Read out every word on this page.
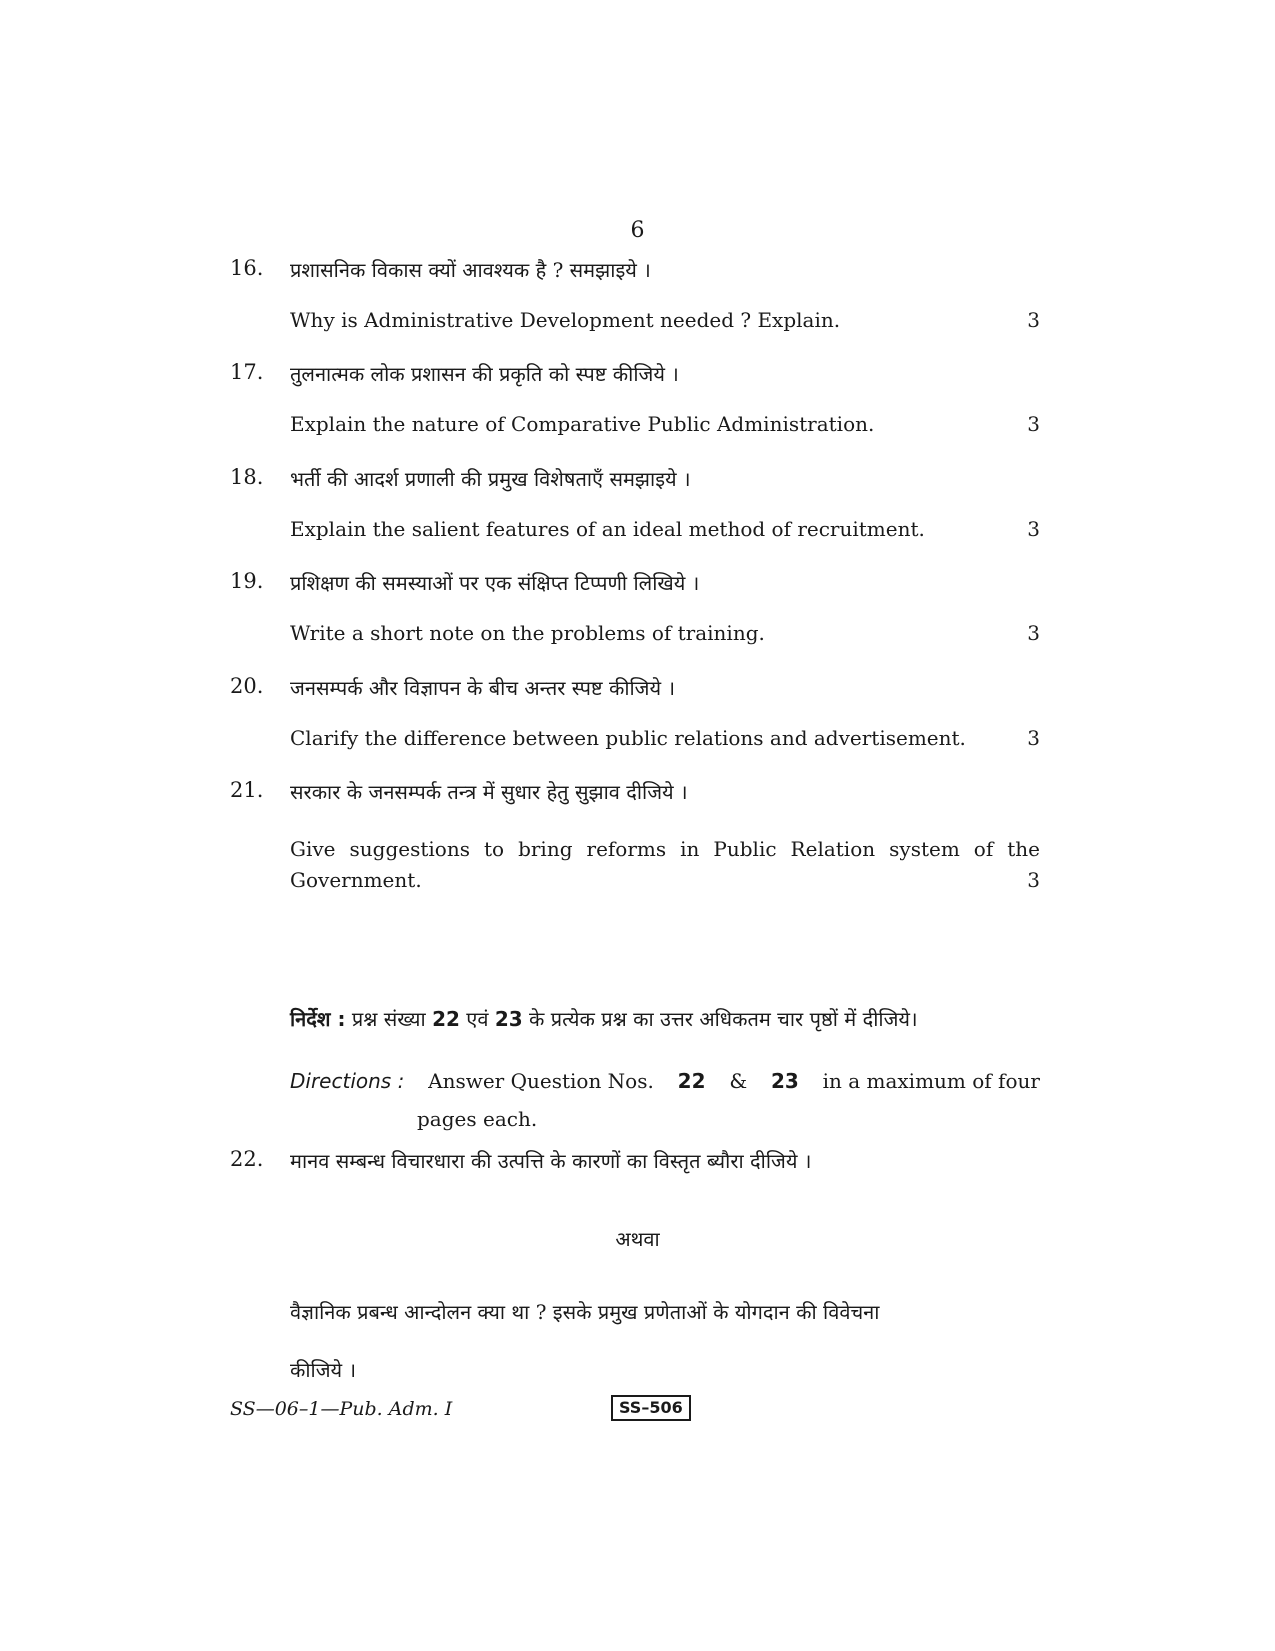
6
16. प्रशासनिक विकास क्यों आवश्यक है ? समझाइये ।
Why is Administrative Development needed ? Explain.	3
17. तुलनात्मक लोक प्रशासन की प्रकृति को स्पष्ट कीजिये ।
Explain the nature of Comparative Public Administration.	3
18. भर्ती की आदर्श प्रणाली की प्रमुख विशेषताएँ समझाइये ।
Explain the salient features of an ideal method of recruitment.	3
19. प्रशिक्षण की समस्याओं पर एक संक्षिप्त टिप्पणी लिखिये ।
Write a short note on the problems of training.	3
20. जनसम्पर्क और विज्ञापन के बीच अन्तर स्पष्ट कीजिये ।
Clarify the difference between public relations and advertisement.	3
21. सरकार के जनसम्पर्क तन्त्र में सुधार हेतु सुझाव दीजिये ।
Give suggestions to bring reforms in Public Relation system of the
Government.	3
निर्देश : प्रश्न संख्या 22 एवं 23 के प्रत्येक प्रश्न का उत्तर अधिकतम चार पृष्ठों में दीजिये।
Directions : Answer Question Nos. 22 & 23 in a maximum of four
pages each.
22. मानव सम्बन्ध विचारधारा की उत्पत्ति के कारणों का विस्तृत ब्यौरा दीजिये ।
अथवा
वैज्ञानिक प्रबन्ध आन्दोलन क्या था ? इसके प्रमुख प्रणेताओं के योगदान की विवेचना
कीजिये ।
SS—06–1—Pub. Adm. I	SS–506
